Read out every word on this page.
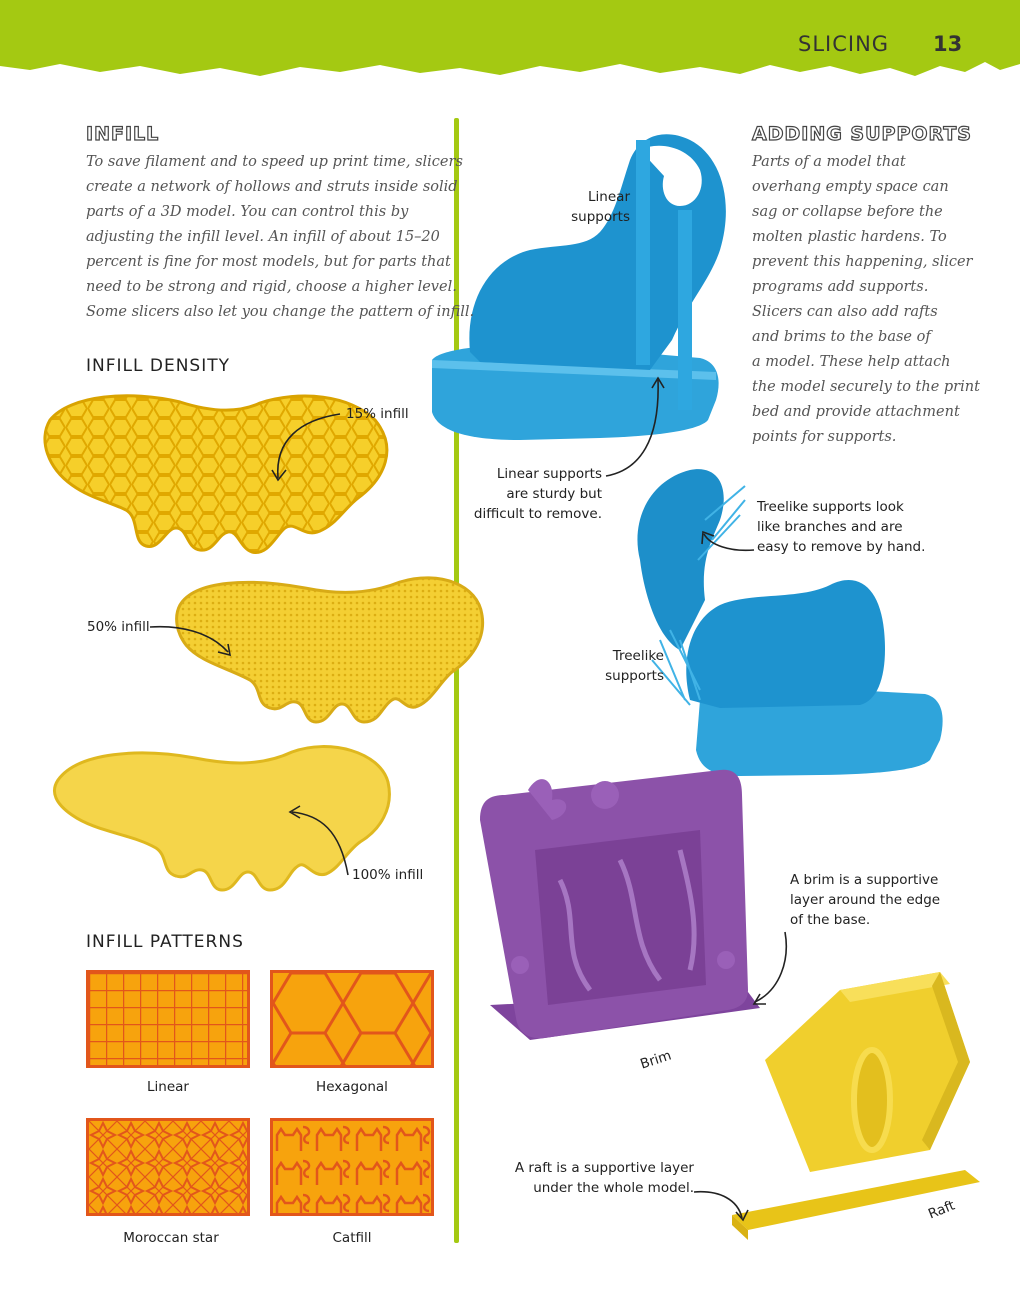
SLICING 13
INFILL
To save filament and to speed up print time, slicers
create a network of hollows and struts inside solid
parts of a 3D model. You can control this by
adjusting the infill level. An infill of about 15–20
percent is fine for most models, but for parts that
need to be strong and rigid, choose a higher level.
Some slicers also let you change the pattern of infill.
INFILL DENSITY
15% infill
50% infill
100% infill
INFILL PATTERNS
Linear	Hexagonal
Moroccan star	Catfill
ADDING SUPPORTS
Parts of a model that
overhang empty space can
sag or collapse before the
molten plastic hardens. To
prevent this happening, slicer
programs add supports.
Slicers can also add rafts
and brims to the base of
a model. These help attach
the model securely to the print
bed and provide attachment
points for supports.
Linear
supports
Linear supports
are sturdy but
difficult to remove.	Treelike supports look
like branches and are
easy to remove by hand.
Treelike
supports
A brim is a supportive
layer around the edge
of the base.
Brim
A raft is a supportive layer
under the whole model.
Raft
